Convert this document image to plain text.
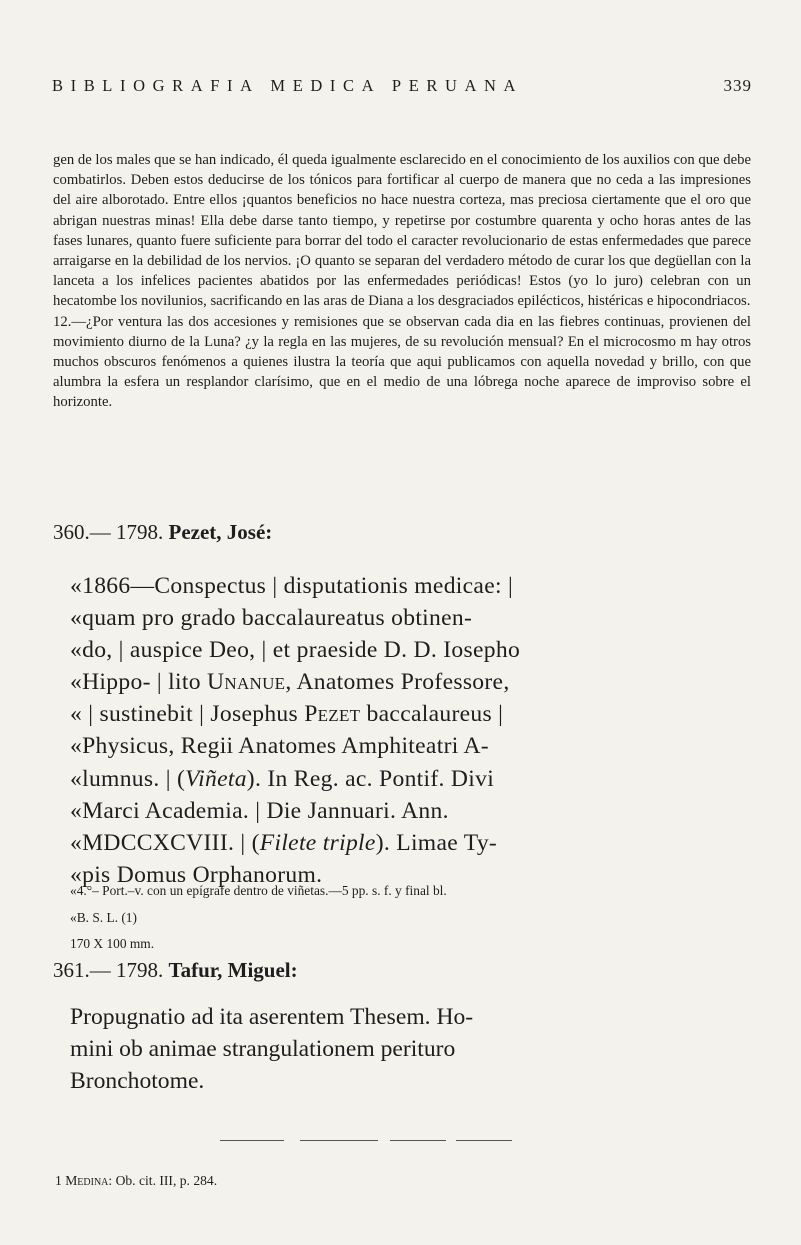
BIBLIOGRAFIA MEDICA PERUANA	339

gen de los males que se han indicado, él queda igualmente esclarecido en el conocimiento de los auxilios con que debe combatirlos. Deben estos deducirse de los tónicos para fortificar al cuerpo de manera que no ceda a las impresiones del aire alborotado. Entre ellos ¡quantos beneficios no hace nuestra corteza, mas preciosa ciertamente que el oro que abrigan nuestras minas! Ella debe darse tanto tiempo, y repetirse por costumbre quarenta y ocho horas antes de las fases lunares, quanto fuere suficiente para borrar del todo el caracter revolucionario de estas enfermedades que parece arraigarse en la debilidad de los nervios. ¡O quanto se separan del verdadero método de curar los que degüellan con la lanceta a los infelices pacientes abatidos por las enfermedades periódicas! Estos (yo lo juro) celebran con un hecatombe los novilunios, sacrificando en las aras de Diana a los desgraciados epilécticos, histéricas e hipocondriacos.

12.—¿Por ventura las dos accesiones y remisiones que se observan cada dia en las fiebres continuas, provienen del movimiento diurno de la Luna? ¿y la regla en las mujeres, de su revolución mensual? En el microcosmo m hay otros muchos obscuros fenómenos a quienes ilustra la teoría que aqui publicamos con aquella novedad y brillo, con que alumbra la esfera un resplandor clarísimo, que en el medio de una lóbrega noche aparece de improviso sobre el horizonte.

360.— 1798. Pezet, José:
«1866—Conspectus | disputationis medicae: |
«quam pro grado baccalaureatus obtinen-
«do, | auspice Deo, | et praeside D. D. Iosepho
«Hippo- | lito Unanue, Anatomes Professore,
« | sustinebit | Josephus Pezet baccalaureus |
«Physicus, Regii Anatomes Amphiteatri A-
«lumnus. | (Viñeta). In Reg. ac. Pontif. Divi
«Marci Academia. | Die Jannuari. Ann.
«MDCCXCVIII. | (Filete triple). Limae Ty-
«pis Domus Orphanorum.
«4.°– Port.–v. con un epígrafe dentro de viñetas.—5 pp. s. f. y final bl.
«B. S. L. (1)
170 X 100 mm.
361.— 1798. Tafur, Miguel:
Propugnatio ad ita aserentem Thesem. Ho-
mini ob animae strangulationem perituro
Bronchotome.
1 Medina: Ob. cit. III, p. 284.
